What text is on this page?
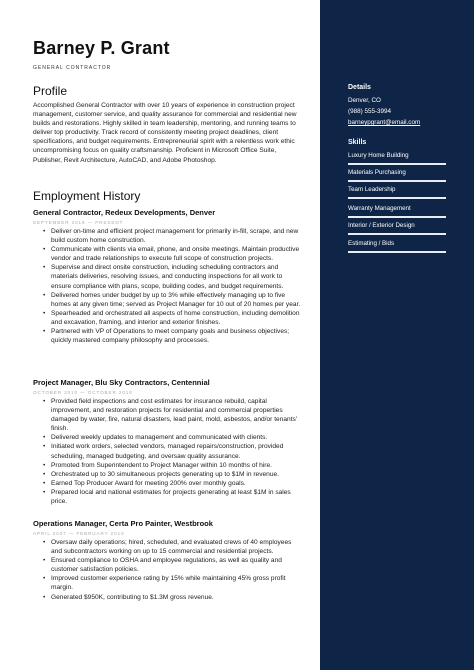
Barney P. Grant
GENERAL CONTRACTOR
Profile
Accomplished General Contractor with over 10 years of experience in construction project management, customer service, and quality assurance for commercial and residential new builds and restorations. Highly skilled in team leadership, mentoring, and running teams to deliver top productivity. Track record of consistently meeting project deadlines, client specifications, and budget requirements. Entrepreneurial spirit with a relentless work ethic uncompromising focus on quality craftsmanship. Proficient in Microsoft Office Suite, Publisher, Revit Architecture, AutoCAD, and Adobe Photoshop.
Employment History
General Contractor, Redeux Developments, Denver
SEPTEMBER 2016 — PRESENT
• Deliver on-time and efficient project management for primarily in-fill, scrape, and new build custom home construction.
• Communicate with clients via email, phone, and onsite meetings. Maintain productive vendor and trade relationships to execute full scope of construction projects.
• Supervise and direct onsite construction, including scheduling contractors and materials deliveries, resolving issues, and conducting inspections for all work to ensure compliance with plans, scope, building codes, and budget requirements.
• Delivered homes under budget by up to 3% while effectively managing up to five homes at any given time; served as Project Manager for 10 out of 20 homes per year.
• Spearheaded and orchestrated all aspects of home construction, including demolition and excavation, framing, and interior and exterior finishes.
• Partnered with VP of Operations to meet company goals and business objectives; quickly mastered company philosophy and processes.
Project Manager, Blu Sky Contractors, Centennial
OCTOBER 2010 — OCTOBER 2016
• Provided field inspections and cost estimates for insurance rebuild, capital improvement, and restoration projects for residential and commercial properties damaged by water, fire, natural disasters, lead paint, mold, asbestos, and/or tenants' finish.
• Delivered weekly updates to management and communicated with clients.
• Initiated work orders, selected vendors, managed repairs/construction, provided scheduling, managed budgeting, and oversaw quality assurance.
• Promoted from Superintendent to Project Manager within 10 months of hire.
• Orchestrated up to 30 simultaneous projects generating up to $1M in revenue.
• Earned Top Producer Award for meeting 200% over monthly goals.
• Prepared local and national estimates for projects generating at least $1M in sales price.
Operations Manager, Certa Pro Painter, Westbrook
APRIL 2007 — FEBRUARY 2010
• Oversaw daily operations; hired, scheduled, and evaluated crews of 40 employees and subcontractors working on up to 15 commercial and residential projects.
• Ensured compliance to OSHA and employee regulations, as well as quality and customer satisfaction policies.
• Improved customer experience rating by 15% while maintaining 45% gross profit margin.
• Generated $950K, contributing to $1.3M gross revenue.
Details
Denver, CO
(988) 555-3994
barneypgrant@email.com
Skills
Luxury Home Building
Materials Purchasing
Team Leadership
Warranty Management
Interior / Exterior Design
Estimating / Bids
